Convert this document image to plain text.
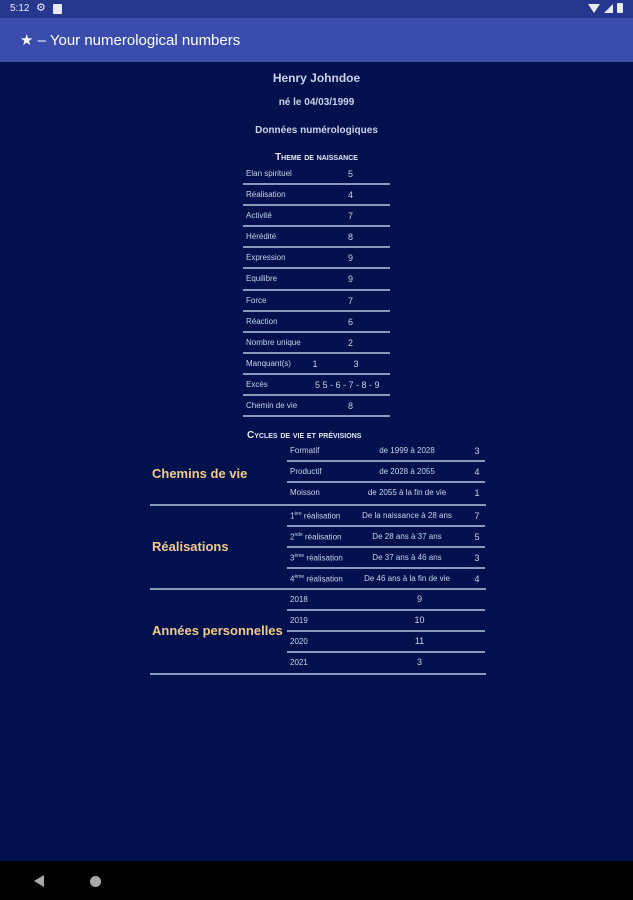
5:12 ⚙
★ – Your numerological numbers
Henry Johndoe
né le 04/03/1999
Données numérologiques
Theme de naissance
Elan spirituel	5
Réalisation	4
Activité	7
Hérédité	8
Expression	9
Equilibre	9
Force	7
Réaction	6
Nombre unique	2
Manquant(s)	1	3
Excès	5 5 - 6 - 7 - 8 - 9
Chemin de vie	8
Cycles de vie et prévisions
Chemins de vie
Formatif	de 1999 à 2028	3
Productif	de 2028 à 2055	4
Moisson	de 2055 à la fin de vie	1
Réalisations
1ère réalisation	De la naissance à 28 ans	7
2nde réalisation	De 28 ans à 37 ans	5
3ème réalisation	De 37 ans à 46 ans	3
4ème réalisation	De 46 ans à la fin de vie	4
Années personnelles
2018	9
2019	10
2020	11
2021	3
